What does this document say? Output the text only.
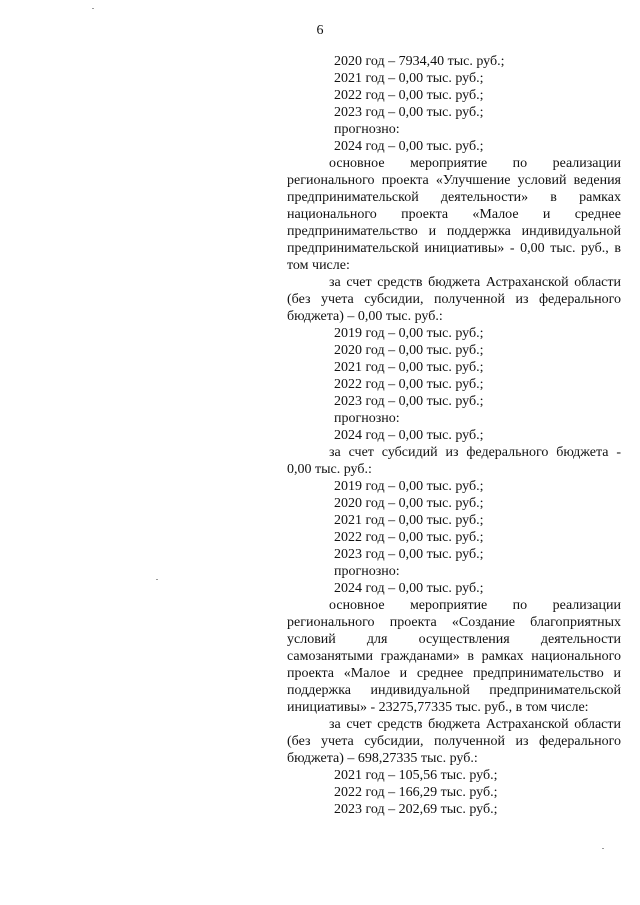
6

2020 год – 7934,40 тыс. руб.;

2021 год – 0,00 тыс. руб.;

2022 год – 0,00 тыс. руб.;

2023 год – 0,00 тыс. руб.;

прогнозно:

2024 год – 0,00 тыс. руб.;

основное мероприятие по реализации регионального проекта «Улучшение условий ведения предпринимательской деятельности» в рамках национального проекта «Малое и среднее предпринимательство и поддержка индивидуальной предпринимательской инициативы» - 0,00 тыс. руб., в том числе:

за счет средств бюджета Астраханской области (без учета субсидии, полученной из федерального бюджета) – 0,00 тыс. руб.:

2019 год – 0,00 тыс. руб.;

2020 год – 0,00 тыс. руб.;

2021 год – 0,00 тыс. руб.;

2022 год – 0,00 тыс. руб.;

2023 год – 0,00 тыс. руб.;

прогнозно:

2024 год – 0,00 тыс. руб.;

за счет субсидий из федерального бюджета - 0,00 тыс. руб.:

2019 год – 0,00 тыс. руб.;

2020 год – 0,00 тыс. руб.;

2021 год – 0,00 тыс. руб.;

2022 год – 0,00 тыс. руб.;

2023 год – 0,00 тыс. руб.;

прогнозно:

2024 год – 0,00 тыс. руб.;

основное мероприятие по реализации регионального проекта «Создание благоприятных условий для осуществления деятельности самозанятыми гражданами» в рамках национального проекта «Малое и среднее предпринимательство и поддержка индивидуальной предпринимательской инициативы» - 23275,77335 тыс. руб., в том числе:

за счет средств бюджета Астраханской области (без учета субсидии, полученной из федерального бюджета) – 698,27335 тыс. руб.:

2021 год – 105,56 тыс. руб.;

2022 год – 166,29 тыс. руб.;

2023 год – 202,69 тыс. руб.;
